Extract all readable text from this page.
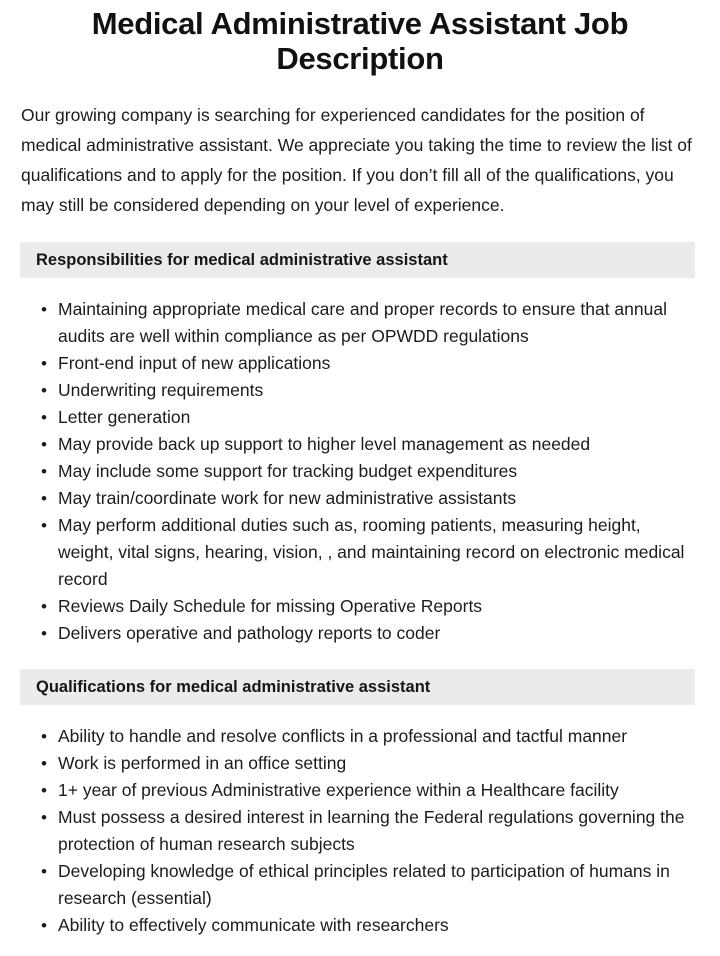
Medical Administrative Assistant Job Description

Our growing company is searching for experienced candidates for the position of medical administrative assistant. We appreciate you taking the time to review the list of qualifications and to apply for the position. If you don’t fill all of the qualifications, you may still be considered depending on your level of experience.

Responsibilities for medical administrative assistant
• Maintaining appropriate medical care and proper records to ensure that annual audits are well within compliance as per OPWDD regulations
• Front-end input of new applications
• Underwriting requirements
• Letter generation
• May provide back up support to higher level management as needed
• May include some support for tracking budget expenditures
• May train/coordinate work for new administrative assistants
• May perform additional duties such as, rooming patients, measuring height, weight, vital signs, hearing, vision, , and maintaining record on electronic medical record
• Reviews Daily Schedule for missing Operative Reports
• Delivers operative and pathology reports to coder
Qualifications for medical administrative assistant
• Ability to handle and resolve conflicts in a professional and tactful manner
• Work is performed in an office setting
• 1+ year of previous Administrative experience within a Healthcare facility
• Must possess a desired interest in learning the Federal regulations governing the protection of human research subjects
• Developing knowledge of ethical principles related to participation of humans in research (essential)
• Ability to effectively communicate with researchers
